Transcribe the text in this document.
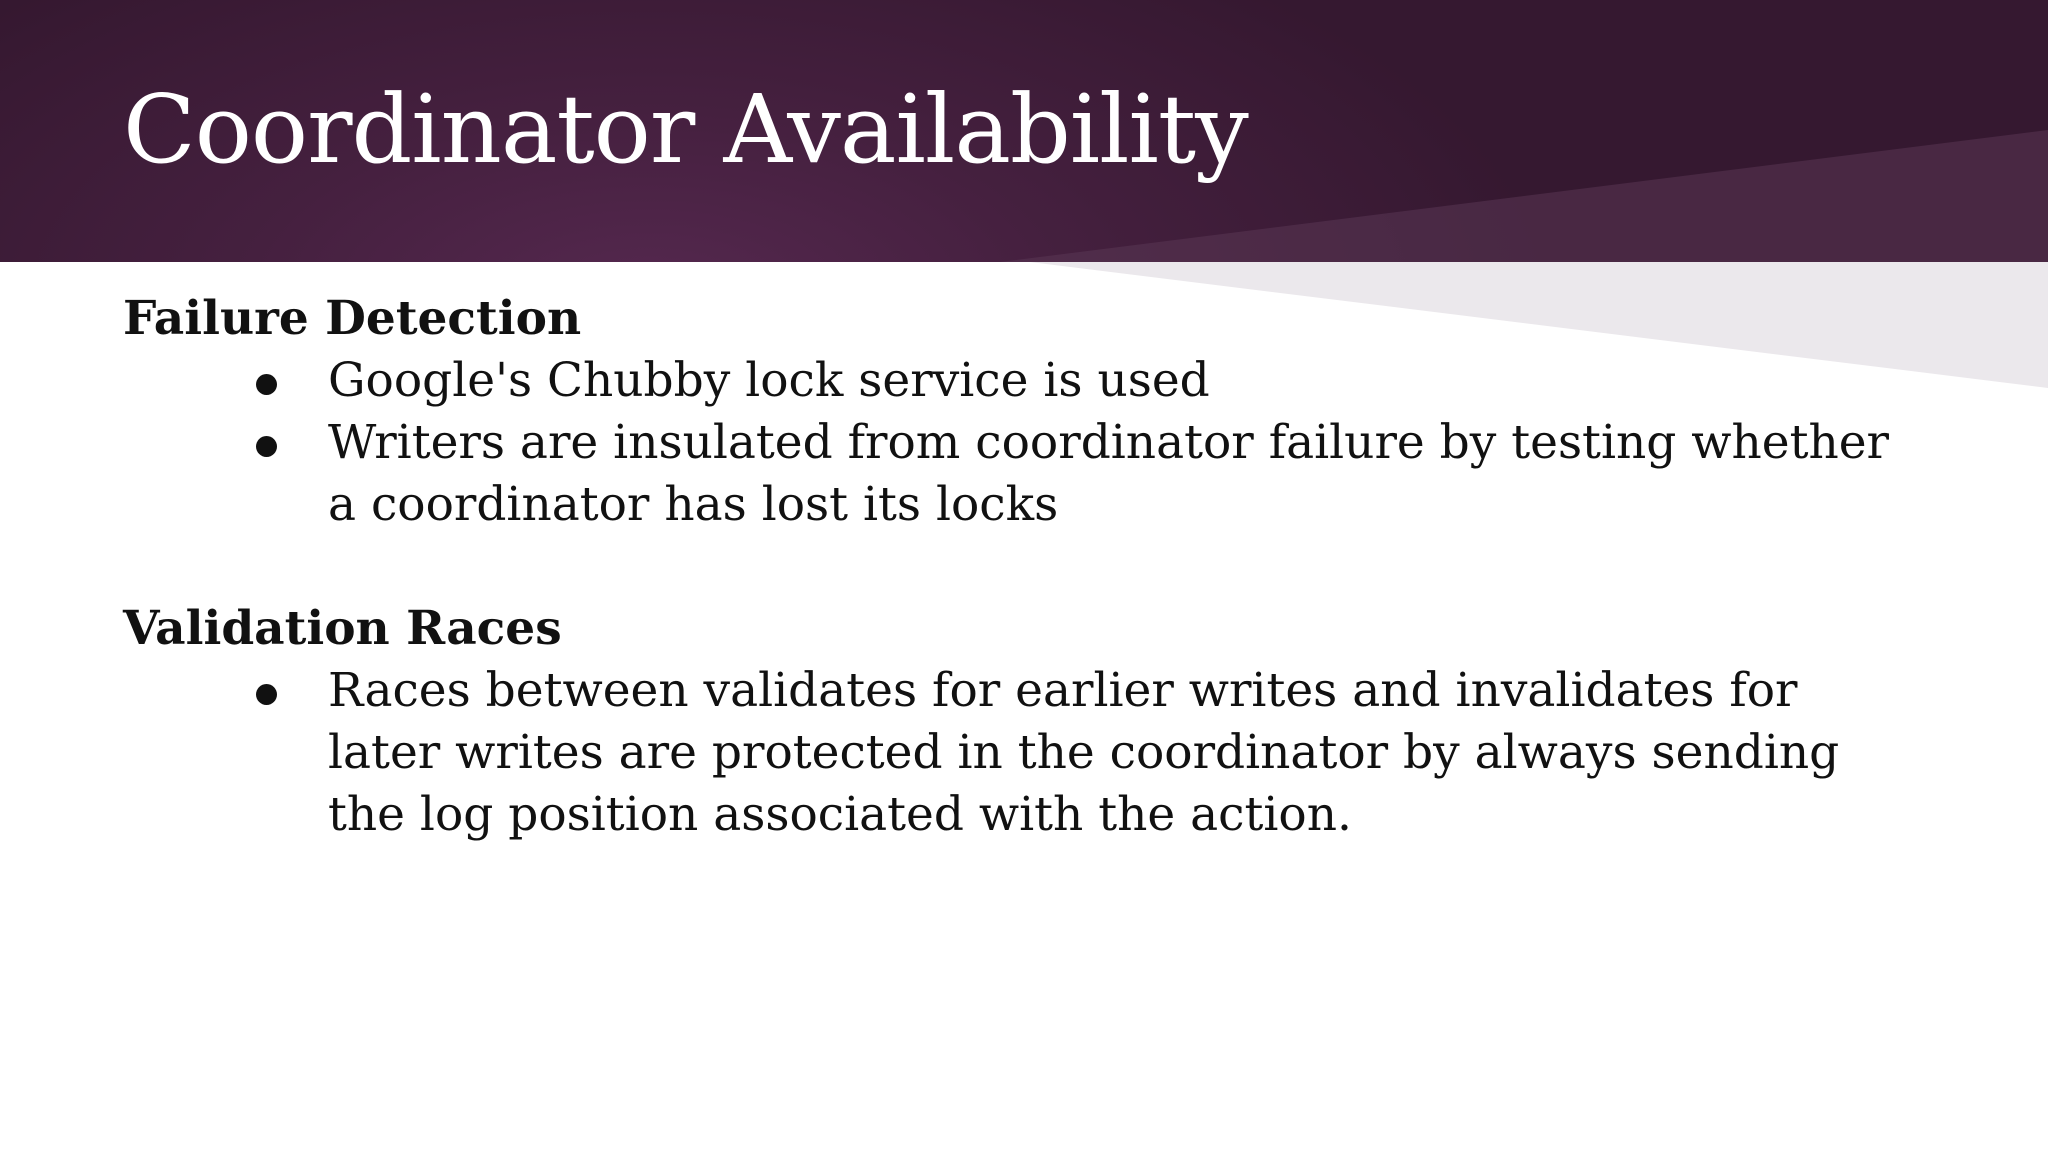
Coordinator Availability
Failure Detection
Google's Chubby lock service is used
Writers are insulated from coordinator failure by testing whether a coordinator has lost its locks
Validation Races
Races between validates for earlier writes and invalidates for later writes are protected in the coordinator by always sending the log position associated with the action.
